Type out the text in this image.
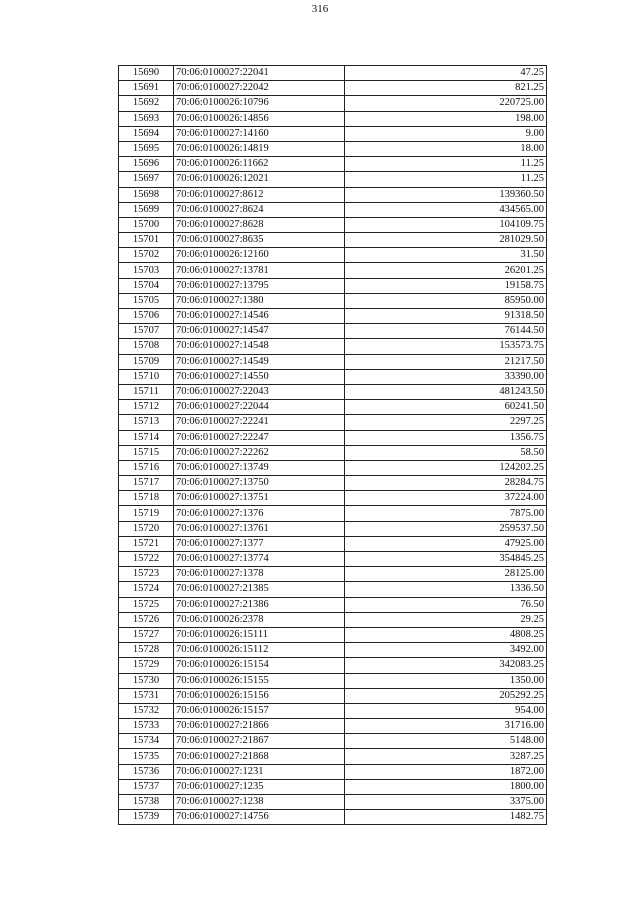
316
15690	70:06:0100027:22041	47.25
15691	70:06:0100027:22042	821.25
15692	70:06:0100026:10796	220725.00
15693	70:06:0100026:14856	198.00
15694	70:06:0100027:14160	9.00
15695	70:06:0100026:14819	18.00
15696	70:06:0100026:11662	11.25
15697	70:06:0100026:12021	11.25
15698	70:06:0100027:8612	139360.50
15699	70:06:0100027:8624	434565.00
15700	70:06:0100027:8628	104109.75
15701	70:06:0100027:8635	281029.50
15702	70:06:0100026:12160	31.50
15703	70:06:0100027:13781	26201.25
15704	70:06:0100027:13795	19158.75
15705	70:06:0100027:1380	85950.00
15706	70:06:0100027:14546	91318.50
15707	70:06:0100027:14547	76144.50
15708	70:06:0100027:14548	153573.75
15709	70:06:0100027:14549	21217.50
15710	70:06:0100027:14550	33390.00
15711	70:06:0100027:22043	481243.50
15712	70:06:0100027:22044	60241.50
15713	70:06:0100027:22241	2297.25
15714	70:06:0100027:22247	1356.75
15715	70:06:0100027:22262	58.50
15716	70:06:0100027:13749	124202.25
15717	70:06:0100027:13750	28284.75
15718	70:06:0100027:13751	37224.00
15719	70:06:0100027:1376	7875.00
15720	70:06:0100027:13761	259537.50
15721	70:06:0100027:1377	47925.00
15722	70:06:0100027:13774	354845.25
15723	70:06:0100027:1378	28125.00
15724	70:06:0100027:21385	1336.50
15725	70:06:0100027:21386	76.50
15726	70:06:0100026:2378	29.25
15727	70:06:0100026:15111	4808.25
15728	70:06:0100026:15112	3492.00
15729	70:06:0100026:15154	342083.25
15730	70:06:0100026:15155	1350.00
15731	70:06:0100026:15156	205292.25
15732	70:06:0100026:15157	954.00
15733	70:06:0100027:21866	31716.00
15734	70:06:0100027:21867	5148.00
15735	70:06:0100027:21868	3287.25
15736	70:06:0100027:1231	1872.00
15737	70:06:0100027:1235	1800.00
15738	70:06:0100027:1238	3375.00
15739	70:06:0100027:14756	1482.75
